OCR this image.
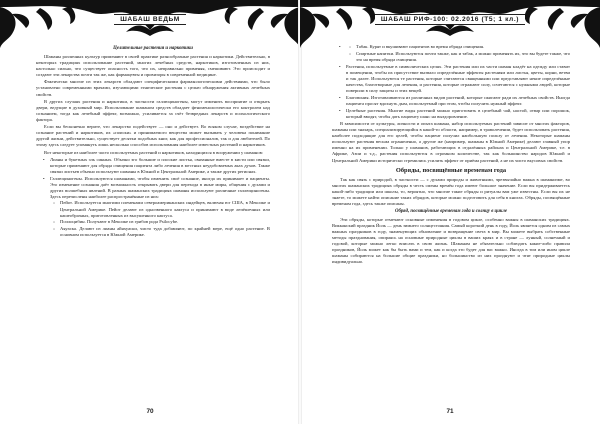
ШАБАШ ВЕДЬМ
Целительные растения и наркотики

Шаманы различных культур применяют в своей практике разнообразные растения и наркотики. Действительно, в некоторых традициях использование растений, многих лечебных средств, наркотиков, изготовленных из них, настолько сильно, что существует опасность того, что их, неправильно применяя, смешивают. Это происходит и создают эти лекарства почти так же, как фармацевты и провизоры в современной медицине.

Фактически многие из этих лекарств обладают специфическими фармакологическими действиями, что было установлено современными врачами, изучающими этнические растения с целью обнаружения активных лечебных свойств.

В других случаях растения и наркотики, в частности галлюциногены, могут изменить восприятие и открыть двери, ведущие в духовный мир. Использование шаманом средств обладает феноменологически его контролем над сознанием, тогда как лечебный эффект, возможно, усиливается за счёт безвредных лекарств и психологического фактора.

Если вы бесконечно верите, что лекарство подействует — оно и действует. Во всяком случае, воздействие на сознание растений и наркотиков, их «поиски» и принимаемого вещества может вызывать у человека понимание другой жизни, действительно, существует десятки подобных книг, как для профессионалов, так и для любителей. По этому здесь следует упомянуть лишь несколько способов использования наиболее известных растений и наркотиков.

Вот некоторые из наиболее часто используемых растений и наркотиков, находящихся в вооружении у шаманов:

• Лианы и букетных эль синных. Обычно эго большие и плоские листья, связанные вместе в кисти или связки, которые применяют для обряда очищения пациента либо лечения в местных неудобоваемых аках духов. Также связки листьев обычно используют шаманы в Южной и Центральной Америке, а также других регионах.
• Галлюциногены. Используются шаманами, чтобы изменить своё сознание, иногда их принимает и пациенты. Это изменение сознания даёт возможность открывать двери для перехода в иные миры, общения с духами и других волшебных явлений. В разных шаманских традициях шаманы используют различные галлюциногены. Здесь перечислены наиболее распространённые из них:
○ Пейот. Используется многими племенами североамериканских индейцев, включая юг США, в Мексике и Центральной Америке. Пейот делают из однозвенного кактуса и принимают в виде лепёшечных или кашеобразных, приготовленных из высушенного кактуса.
○ Псилоцибин. Получают в Мексике из грибов рода Psilocybe.
○ Аяуаска. Делают из лианы айяхуаски, чисто туда добавляют, по крайней мере, ещё одно растение. В основном используется в Южной Америке.
70
ШАБАШ РИФ-100: 02.2016 (T5; 1 кл.)
○ • Табак. Курят и вкушивают пациентов во время обряда очищения.
○ Спиртные напитки. Используются почти также, как и табак, а можно применять их, что вы будете также, что это на время обряда очищения.
• Растения, используемые в символических целях. Эти растения или их части шаман кладёт на одежду или ставит в помещении, чтобы их присутствие вызвало определённые эффекты растениям или листья, цветы, корни, ветви и так далее. Используются те растения, которые считаются священными или представляют некие определённые качества, благотворные для лечения, и растения, которые отражают силу, сочетаются с нужными людей, которые поверили в силу защиты и этих вещей.
• Благовония. Изготавливаются из различных видов растений, которые сжигают ради их лечебных свойств. Иногда пациента просят вдохнуть дым, используемый при этом, чтобы получить нужный эффект.
• Целебные растения. Многие виды растений можно приготовить в целебный чай, настой, отвар или порошок, который вводят, чтобы дать пациенту шанс на выздоровление.

В зависимости от культуры, личности и опыта шамана, набор используемых растений зависит от многих факторов, шаманы или знахарь, специализирующийся в какой-то области, например, в траволечении, будет использовать растения, наиболее подходящие для его целей, чтобы пациент получил наибольшую пользу от лечения. Некоторые шаманы используют растения весьма ограниченно, а другие же (например, шаманы в Южной Америке) делают главный упор именно на их применении. Только у шаманов, работающих в отдалённых районах и Центральной Америке, т.е. в Африке, Азии и т.д., растения используются в огромном количестве, так как большинство народов Южной и Центральной Америки исторически стремились усилить эффект от приёма растений, а не их чисто вкусовых свойств.

Обряды, посвящённые временам года

Так как связь с природой, в частности — с духами природы и животными, чрезвычайно важна в шаманизме, во многих шаманских традициях обряды в честь смены времён года имеют большое значение. Если вы придерживаетесь какой-либо традиции или школы, то, вероятно, что многие такие обряды и ритуалы вам уже известны. Если вы их не знаете, то можете найти описание таких обрядов, которые можно подготовить для себя в книгах. Обряды, посвящённые временам года, здесь также описаны.

Обряд, посвящённые временам года и солнцу в цикле

Эти обряды, которые отмечают основные изменения в годовом цикле, особенно важны в шаманских традициях. Викканский праздник Йоль — день зимнего солнцестояния. Самый короткий день в году, Йоль является одним из самых важных праздников в году, знаменующих обновление и возвращение света в мир. Вы можете выбрать собственные методы празднования, опираясь на основные природные циклы в ваших краях и в стране — лунный, солнечный и годовой, которые можно легко вписать в свою жизнь. Шаманам не обязательно соблюдать какие-либо правила праздников, Йоль может как бы быть вами и тем, как и когда это будет для вас важно. Иногда в том или ином цикле шаманы собираются на большие общие праздники, но большинство из них празднуют и чтят природные циклы индивидуально.

71
